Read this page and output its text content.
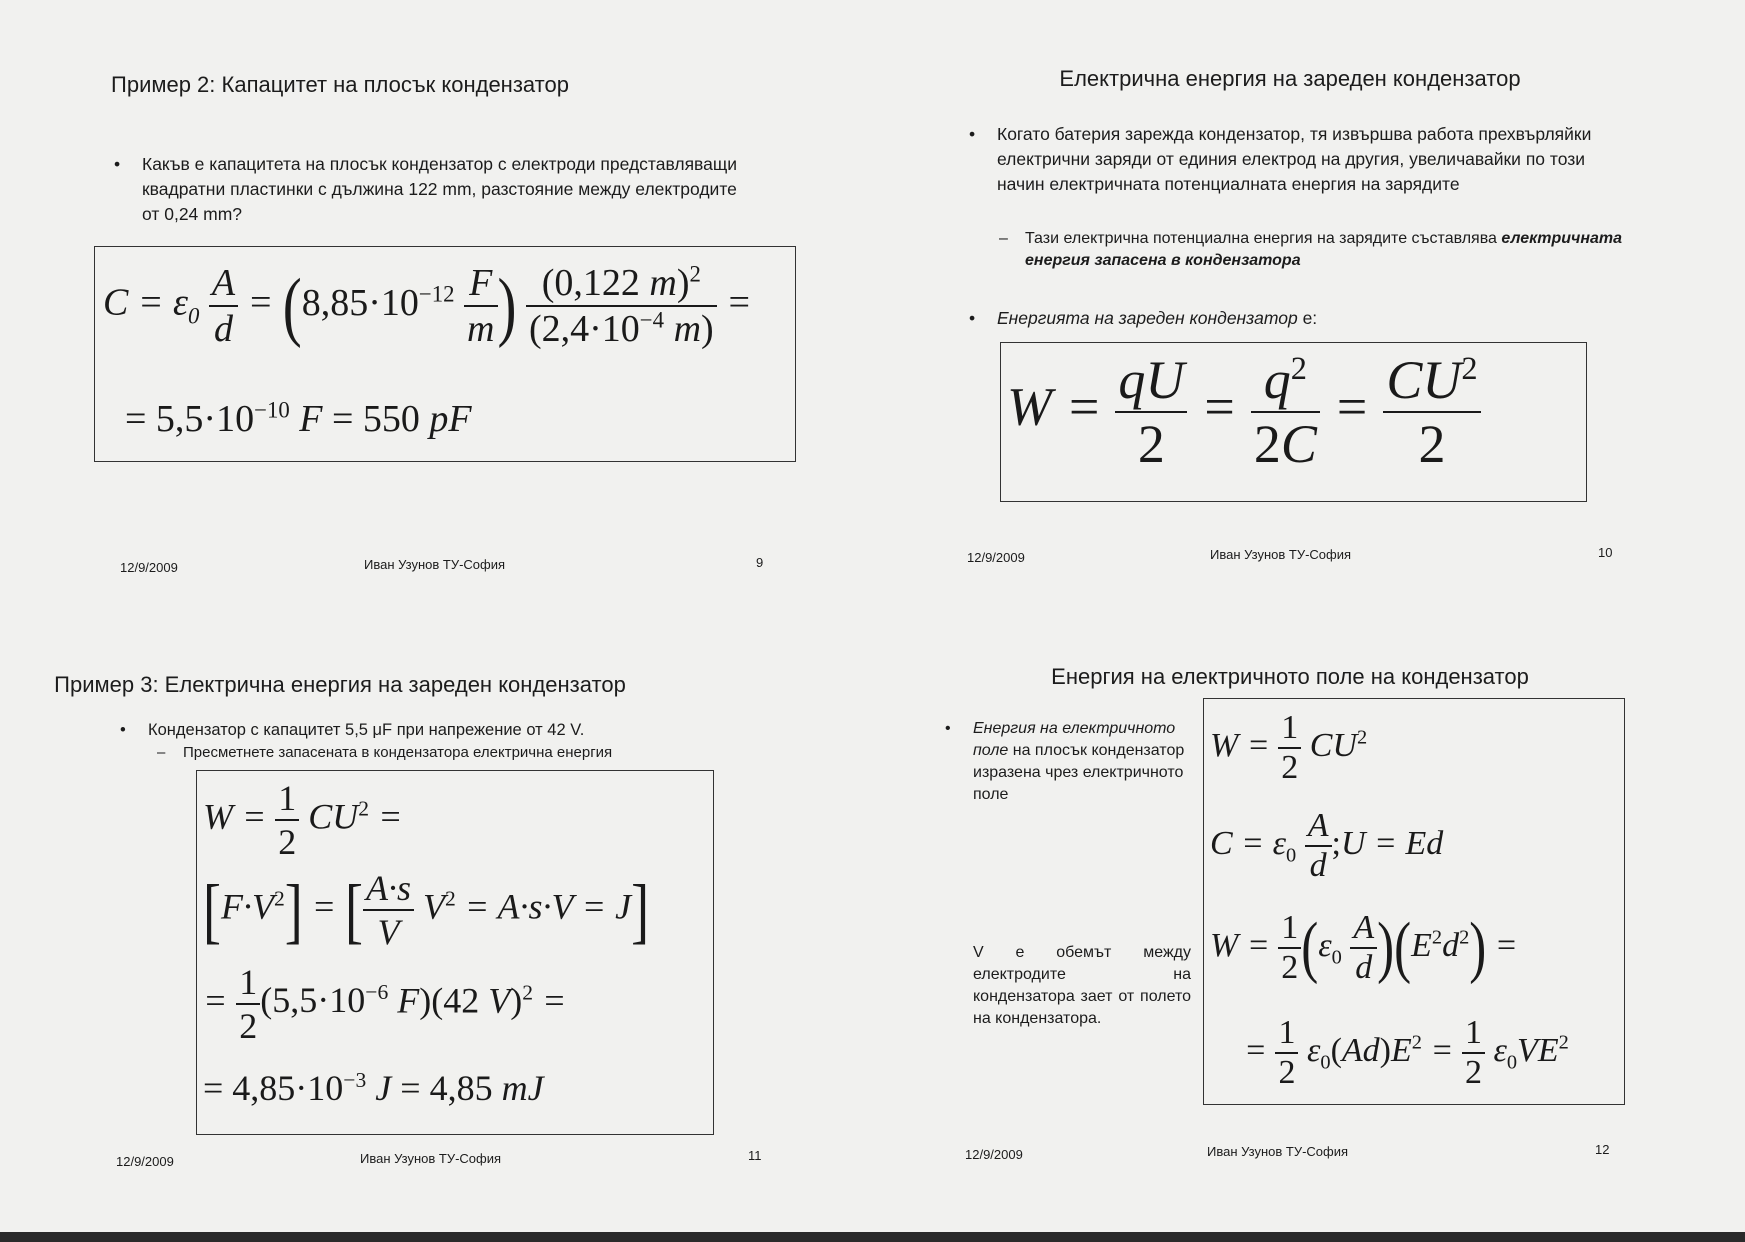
Пример 2: Капацитет на плосък кондензатор
• Какъв е капацитета на плосък кондензатор с електроди представляващи квадратни пластинки с дължина 122 mm, разстояние между електродите от 0,24 mm?
$C = \varepsilon_0 \frac{A}{d} = (8,85\cdot 10^{-12} \frac{F}{m}$ ) $\frac{(0,122 m)^2}{(2,4\cdot 10^{-4} m)}$ =
= $5,5\cdot 10^{-10}$ F = 550 pF
12/9/2009	Иван Узунов ТУ-София	9
Електрична енергия на зареден кондензатор
• Когато батерия зарежда кондензатор, тя извършва работа прехвърляйки електрични заряди от единия електрод на другия, увеличавайки по този начин електричната потенциалната енергия на зарядите
– Тази електрична потенциална енергия на зарядите съставлява електричната енергия запасена в кондензатора
• Енергията на зареден кондензатор е:
$W = \frac{qU}{2} = \frac{q^2}{2C} = \frac{CU^2}{2}$
12/9/2009	Иван Узунов ТУ-София	10
Пример 3: Електрична енергия на зареден кондензатор
• Кондензатор с капацитет 5,5 μF при напрежение от 42 V.
– Пресметнете запасената в кондензатора електрична енергия
$W = \frac{1}{2} CU^2$ =
$[F\cdot V^2]$ = [ $\frac{A\cdot s}{V} V^2 = A\cdot s\cdot V = J$]
= $\frac{1}{2} (5,5\cdot 10^{-6}$ F)(42 V)$^2$ =
= $4,85\cdot 10^{-3}$ J = 4,85 mJ
12/9/2009	Иван Узунов ТУ-София	11
Енергия на електричното поле на кондензатор
• Енергия на електричното поле на плосък кондензатор изразена чрез електричното поле
V е обемът между електродите на кондензатора зает от полето на кондензатора.
$W = \frac{1}{2} CU^2$
$C = \varepsilon_0 \frac{A}{d}$ ;U = Ed
$W = \frac{1}{2} (\varepsilon_0 \frac{A}{d} )(E^2d^2)$ =
= $\frac{1}{2} \varepsilon_0(Ad)E^2 = \frac{1}{2} \varepsilon_0VE^2$
12/9/2009	Иван Узунов ТУ-София	12
